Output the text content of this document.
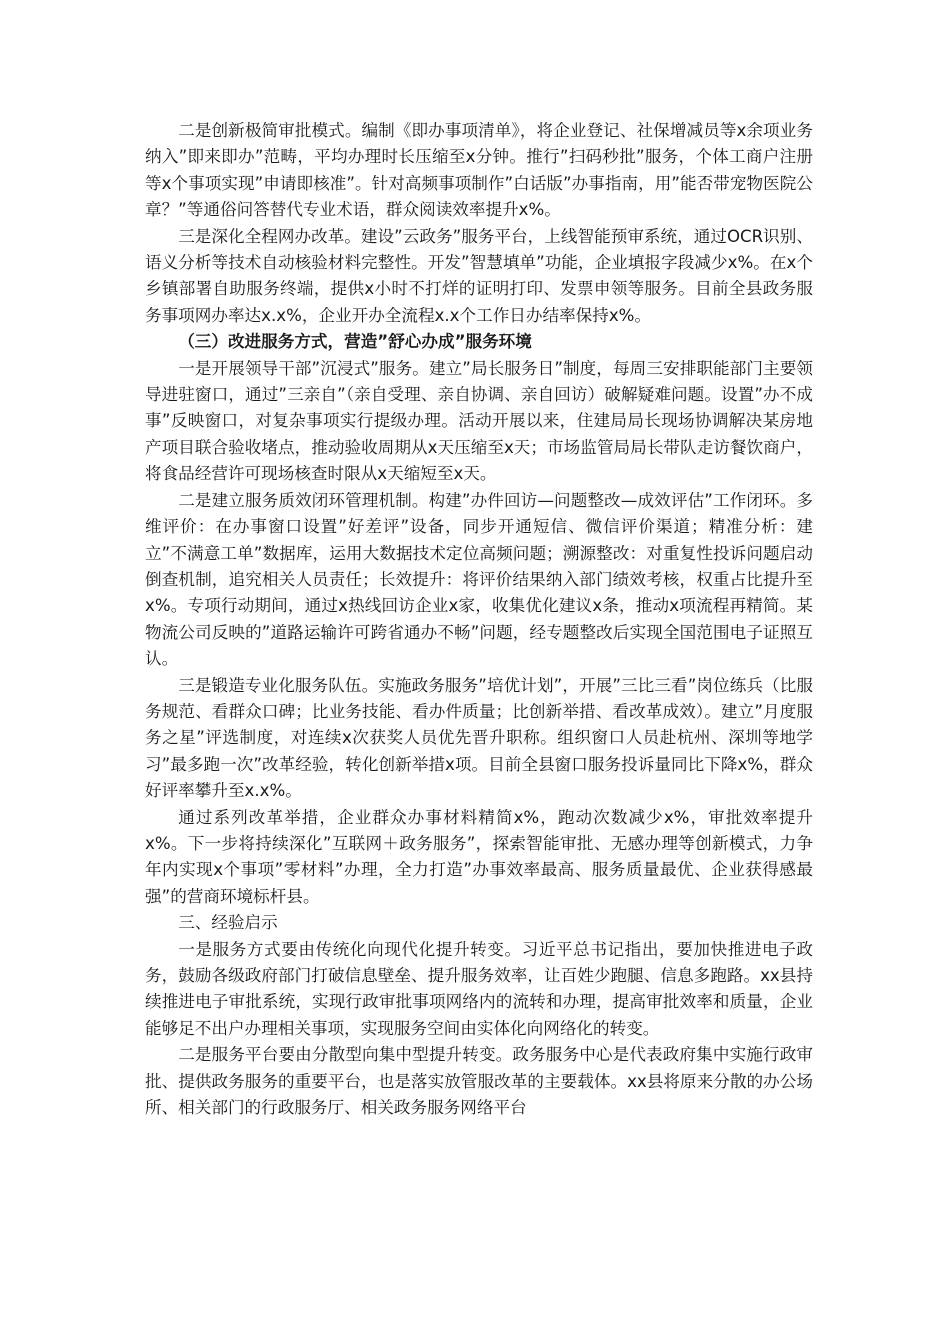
二是创新极简审批模式。编制《即办事项清单》，将企业登记、社保增减员等x余项业务纳入”即来即办”范畴，平均办理时长压缩至x分钟。推行”扫码秒批”服务，个体工商户注册等x个事项实现”申请即核准”。针对高频事项制作”白话版”办事指南，用”能否带宠物医院公章？”等通俗问答替代专业术语，群众阅读效率提升x%。

三是深化全程网办改革。建设”云政务”服务平台，上线智能预审系统，通过OCR识别、语义分析等技术自动核验材料完整性。开发”智慧填单”功能，企业填报字段减少x%。在x个乡镇部署自助服务终端，提供x小时不打烊的证明打印、发票申领等服务。目前全县政务服务事项网办率达x.x%，企业开办全流程x.x个工作日办结率保持x%。

（三）改进服务方式，营造”舒心办成”服务环境

一是开展领导干部”沉浸式”服务。建立”局长服务日”制度，每周三安排职能部门主要领导进驻窗口，通过”三亲自”（亲自受理、亲自协调、亲自回访）破解疑难问题。设置”办不成事”反映窗口，对复杂事项实行提级办理。活动开展以来，住建局局长现场协调解决某房地产项目联合验收堵点，推动验收周期从x天压缩至x天；市场监管局局长带队走访餐饮商户，将食品经营许可现场核查时限从x天缩短至x天。

二是建立服务质效闭环管理机制。构建”办件回访—问题整改—成效评估”工作闭环。多维评价：在办事窗口设置”好差评”设备，同步开通短信、微信评价渠道；精准分析：建立”不满意工单”数据库，运用大数据技术定位高频问题；溯源整改：对重复性投诉问题启动倒查机制，追究相关人员责任；长效提升：将评价结果纳入部门绩效考核，权重占比提升至x%。专项行动期间，通过x热线回访企业x家，收集优化建议x条，推动x项流程再精简。某物流公司反映的”道路运输许可跨省通办不畅”问题，经专题整改后实现全国范围电子证照互认。

三是锻造专业化服务队伍。实施政务服务”培优计划”，开展”三比三看”岗位练兵（比服务规范、看群众口碑；比业务技能、看办件质量；比创新举措、看改革成效）。建立”月度服务之星”评选制度，对连续x次获奖人员优先晋升职称。组织窗口人员赴杭州、深圳等地学习”最多跑一次”改革经验，转化创新举措x项。目前全县窗口服务投诉量同比下降x%，群众好评率攀升至x.x%。

通过系列改革举措，企业群众办事材料精简x%，跑动次数减少x%，审批效率提升x%。下一步将持续深化”互联网＋政务服务”，探索智能审批、无感办理等创新模式，力争年内实现x个事项”零材料”办理，全力打造”办事效率最高、服务质量最优、企业获得感最强”的营商环境标杆县。

三、经验启示

一是服务方式要由传统化向现代化提升转变。习近平总书记指出，要加快推进电子政务，鼓励各级政府部门打破信息壁垒、提升服务效率，让百姓少跑腿、信息多跑路。xx县持续推进电子审批系统，实现行政审批事项网络内的流转和办理，提高审批效率和质量，企业能够足不出户办理相关事项，实现服务空间由实体化向网络化的转变。

二是服务平台要由分散型向集中型提升转变。政务服务中心是代表政府集中实施行政审批、提供政务服务的重要平台，也是落实放管服改革的主要载体。xx县将原来分散的办公场所、相关部门的行政服务厅、相关政务服务网络平台
